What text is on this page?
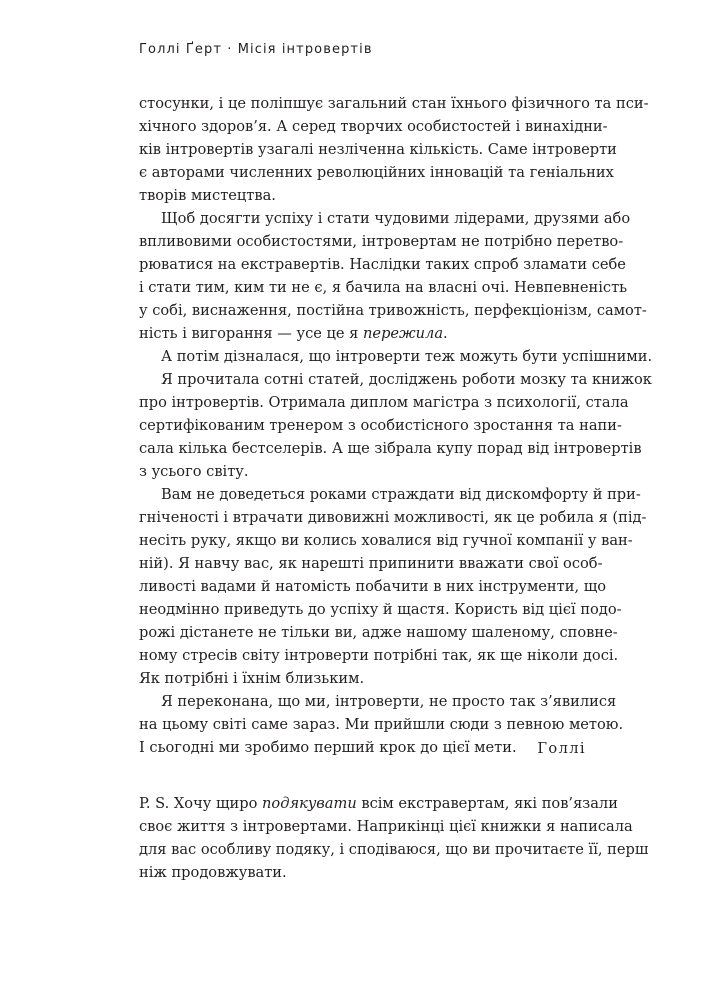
Голлі Ґерт · Місія інтровертів
стосунки, і це поліпшує загальний стан їхнього фізичного та пси-
хічного здоров’я. А серед творчих особистостей і винахідни-
ків інтровертів узагалі незліченна кількість. Саме інтроверти
є авторами численних революційних інновацій та геніальних
творів мистецтва.
Щоб досягти успіху і стати чудовими лідерами, друзями або
впливовими особистостями, інтровертам не потрібно перетво-
рюватися на екстравертів. Наслідки таких спроб зламати себе
і стати тим, ким ти не є, я бачила на власні очі. Невпевненість
у собі, виснаження, постійна тривожність, перфекціонізм, самот-
ність і вигорання — усе це я пережила.
А потім дізналася, що інтроверти теж можуть бути успішними.
Я прочитала сотні статей, досліджень роботи мозку та книжок
про інтровертів. Отримала диплом магістра з психології, стала
сертифікованим тренером з особистісного зростання та напи-
сала кілька бестселерів. А ще зібрала купу порад від інтровертів
з усього світу.
Вам не доведеться роками страждати від дискомфорту й при-
гніченості і втрачати дивовижні можливості, як це робила я (під-
несіть руку, якщо ви колись ховалися від гучної компанії у ван-
ній). Я навчу вас, як нарешті припинити вважати свої особ-
ливості вадами й натомість побачити в них інструменти, що
неодмінно приведуть до успіху й щастя. Користь від цієї подо-
рожі дістанете не тільки ви, адже нашому шаленому, сповне-
ному стресів світу інтроверти потрібні так, як ще ніколи досі.
Як потрібні і їхнім близьким.
Я переконана, що ми, інтроверти, не просто так з’явилися
на цьому світі саме зараз. Ми прийшли сюди з певною метою.
І сьогодні ми зробимо перший крок до цієї мети.	Голлі
P. S. Хочу щиро подякувати всім екстравертам, які пов’язали
своє життя з інтровертами. Наприкінці цієї книжки я написала
для вас особливу подяку, і сподіваюся, що ви прочитаєте її, перш
ніж продовжувати.
